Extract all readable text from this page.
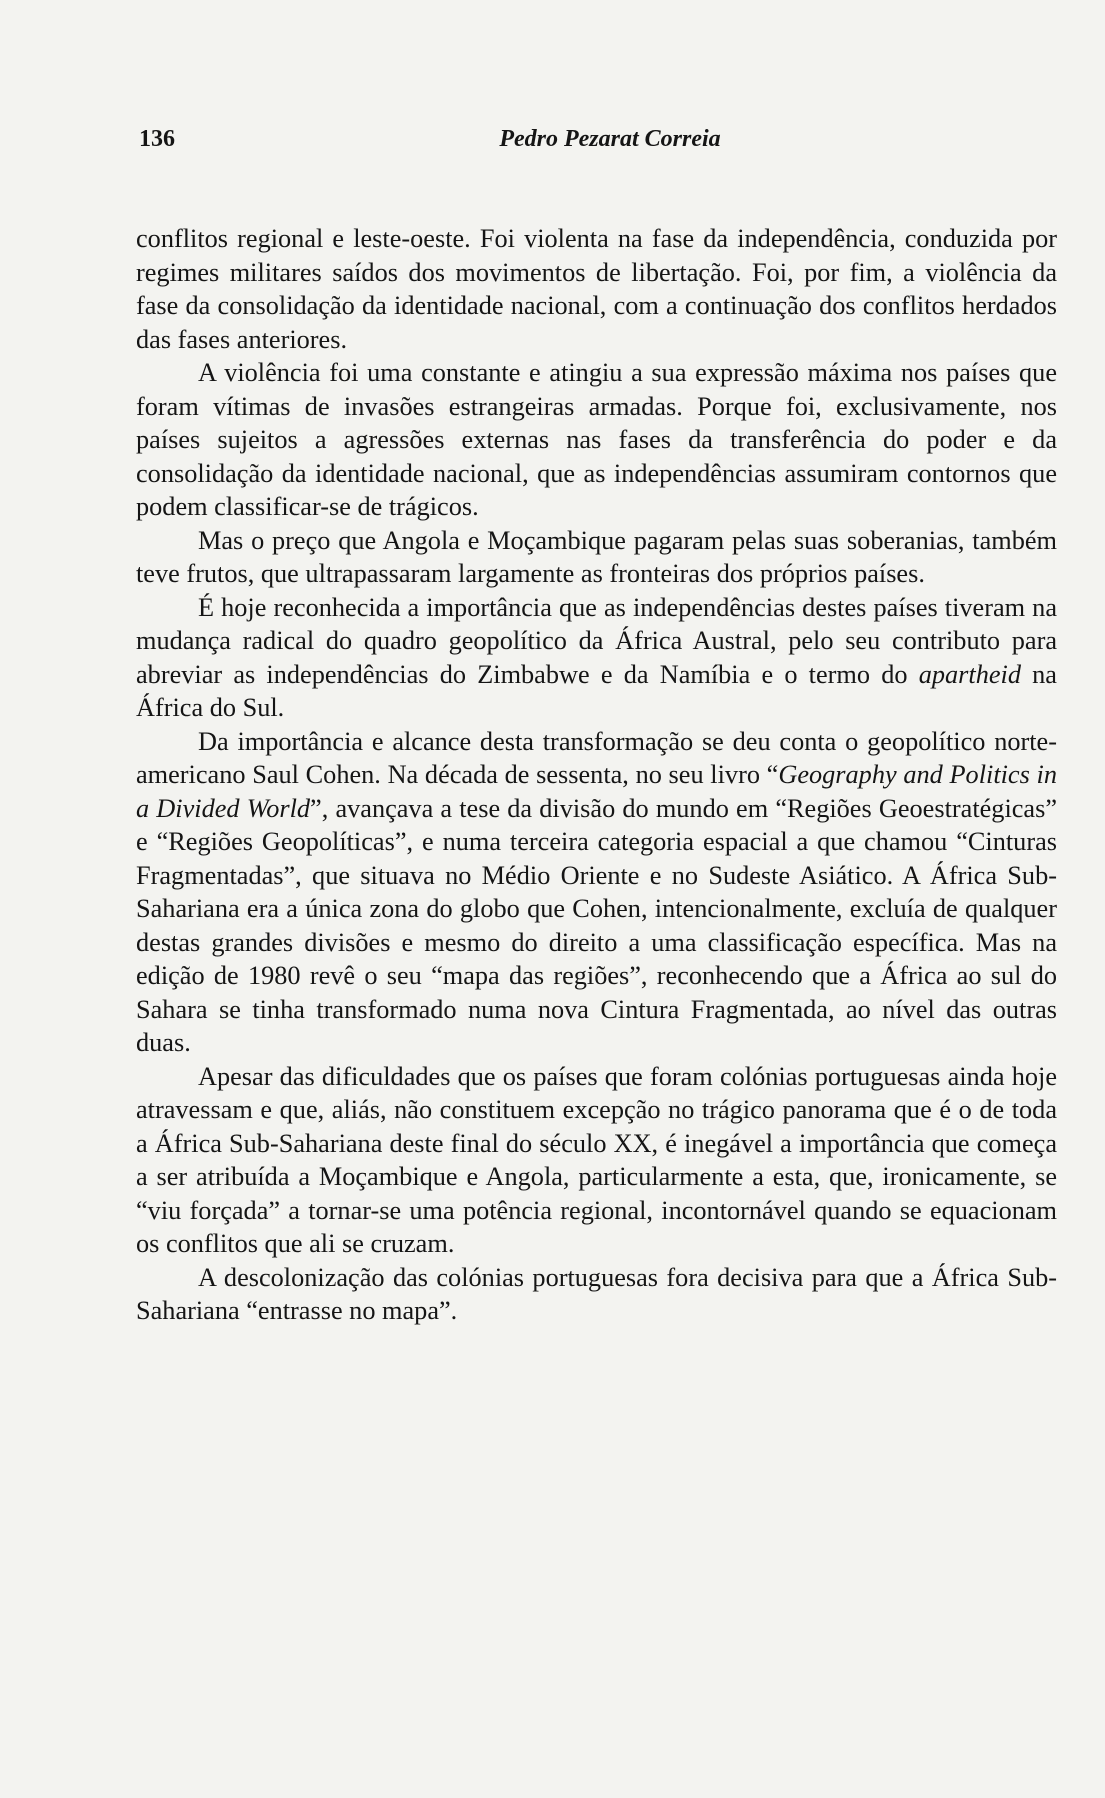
136	Pedro Pezarat Correia

conflitos regional e leste-oeste. Foi violenta na fase da independência, conduzida por regimes militares saídos dos movimentos de libertação. Foi, por fim, a violência da fase da consolidação da identidade nacional, com a continuação dos conflitos herdados das fases anteriores.

A violência foi uma constante e atingiu a sua expressão máxima nos países que foram vítimas de invasões estrangeiras armadas. Porque foi, exclusivamente, nos países sujeitos a agressões externas nas fases da transferência do poder e da consolidação da identidade nacional, que as independências assumiram contornos que podem classificar-se de trágicos.

Mas o preço que Angola e Moçambique pagaram pelas suas soberanias, também teve frutos, que ultrapassaram largamente as fronteiras dos próprios países.

É hoje reconhecida a importância que as independências destes países tiveram na mudança radical do quadro geopolítico da África Austral, pelo seu contributo para abreviar as independências do Zimbabwe e da Namíbia e o termo do apartheid na África do Sul.

Da importância e alcance desta transformação se deu conta o geopolítico norte-americano Saul Cohen. Na década de sessenta, no seu livro “Geography and Politics in a Divided World”, avançava a tese da divisão do mundo em “Regiões Geoestratégicas” e “Regiões Geopolíticas”, e numa terceira categoria espacial a que chamou “Cinturas Fragmentadas”, que situava no Médio Oriente e no Sudeste Asiático. A África Sub-Sahariana era a única zona do globo que Cohen, intencionalmente, excluía de qualquer destas grandes divisões e mesmo do direito a uma classificação específica. Mas na edição de 1980 revê o seu “mapa das regiões”, reconhecendo que a África ao sul do Sahara se tinha transformado numa nova Cintura Fragmentada, ao nível das outras duas.

Apesar das dificuldades que os países que foram colónias portuguesas ainda hoje atravessam e que, aliás, não constituem excepção no trágico panorama que é o de toda a África Sub-Sahariana deste final do século XX, é inegável a importância que começa a ser atribuída a Moçambique e Angola, particularmente a esta, que, ironicamente, se “viu forçada” a tornar-se uma potência regional, incontornável quando se equacionam os conflitos que ali se cruzam.

A descolonização das colónias portuguesas fora decisiva para que a África Sub-Sahariana “entrasse no mapa”.
